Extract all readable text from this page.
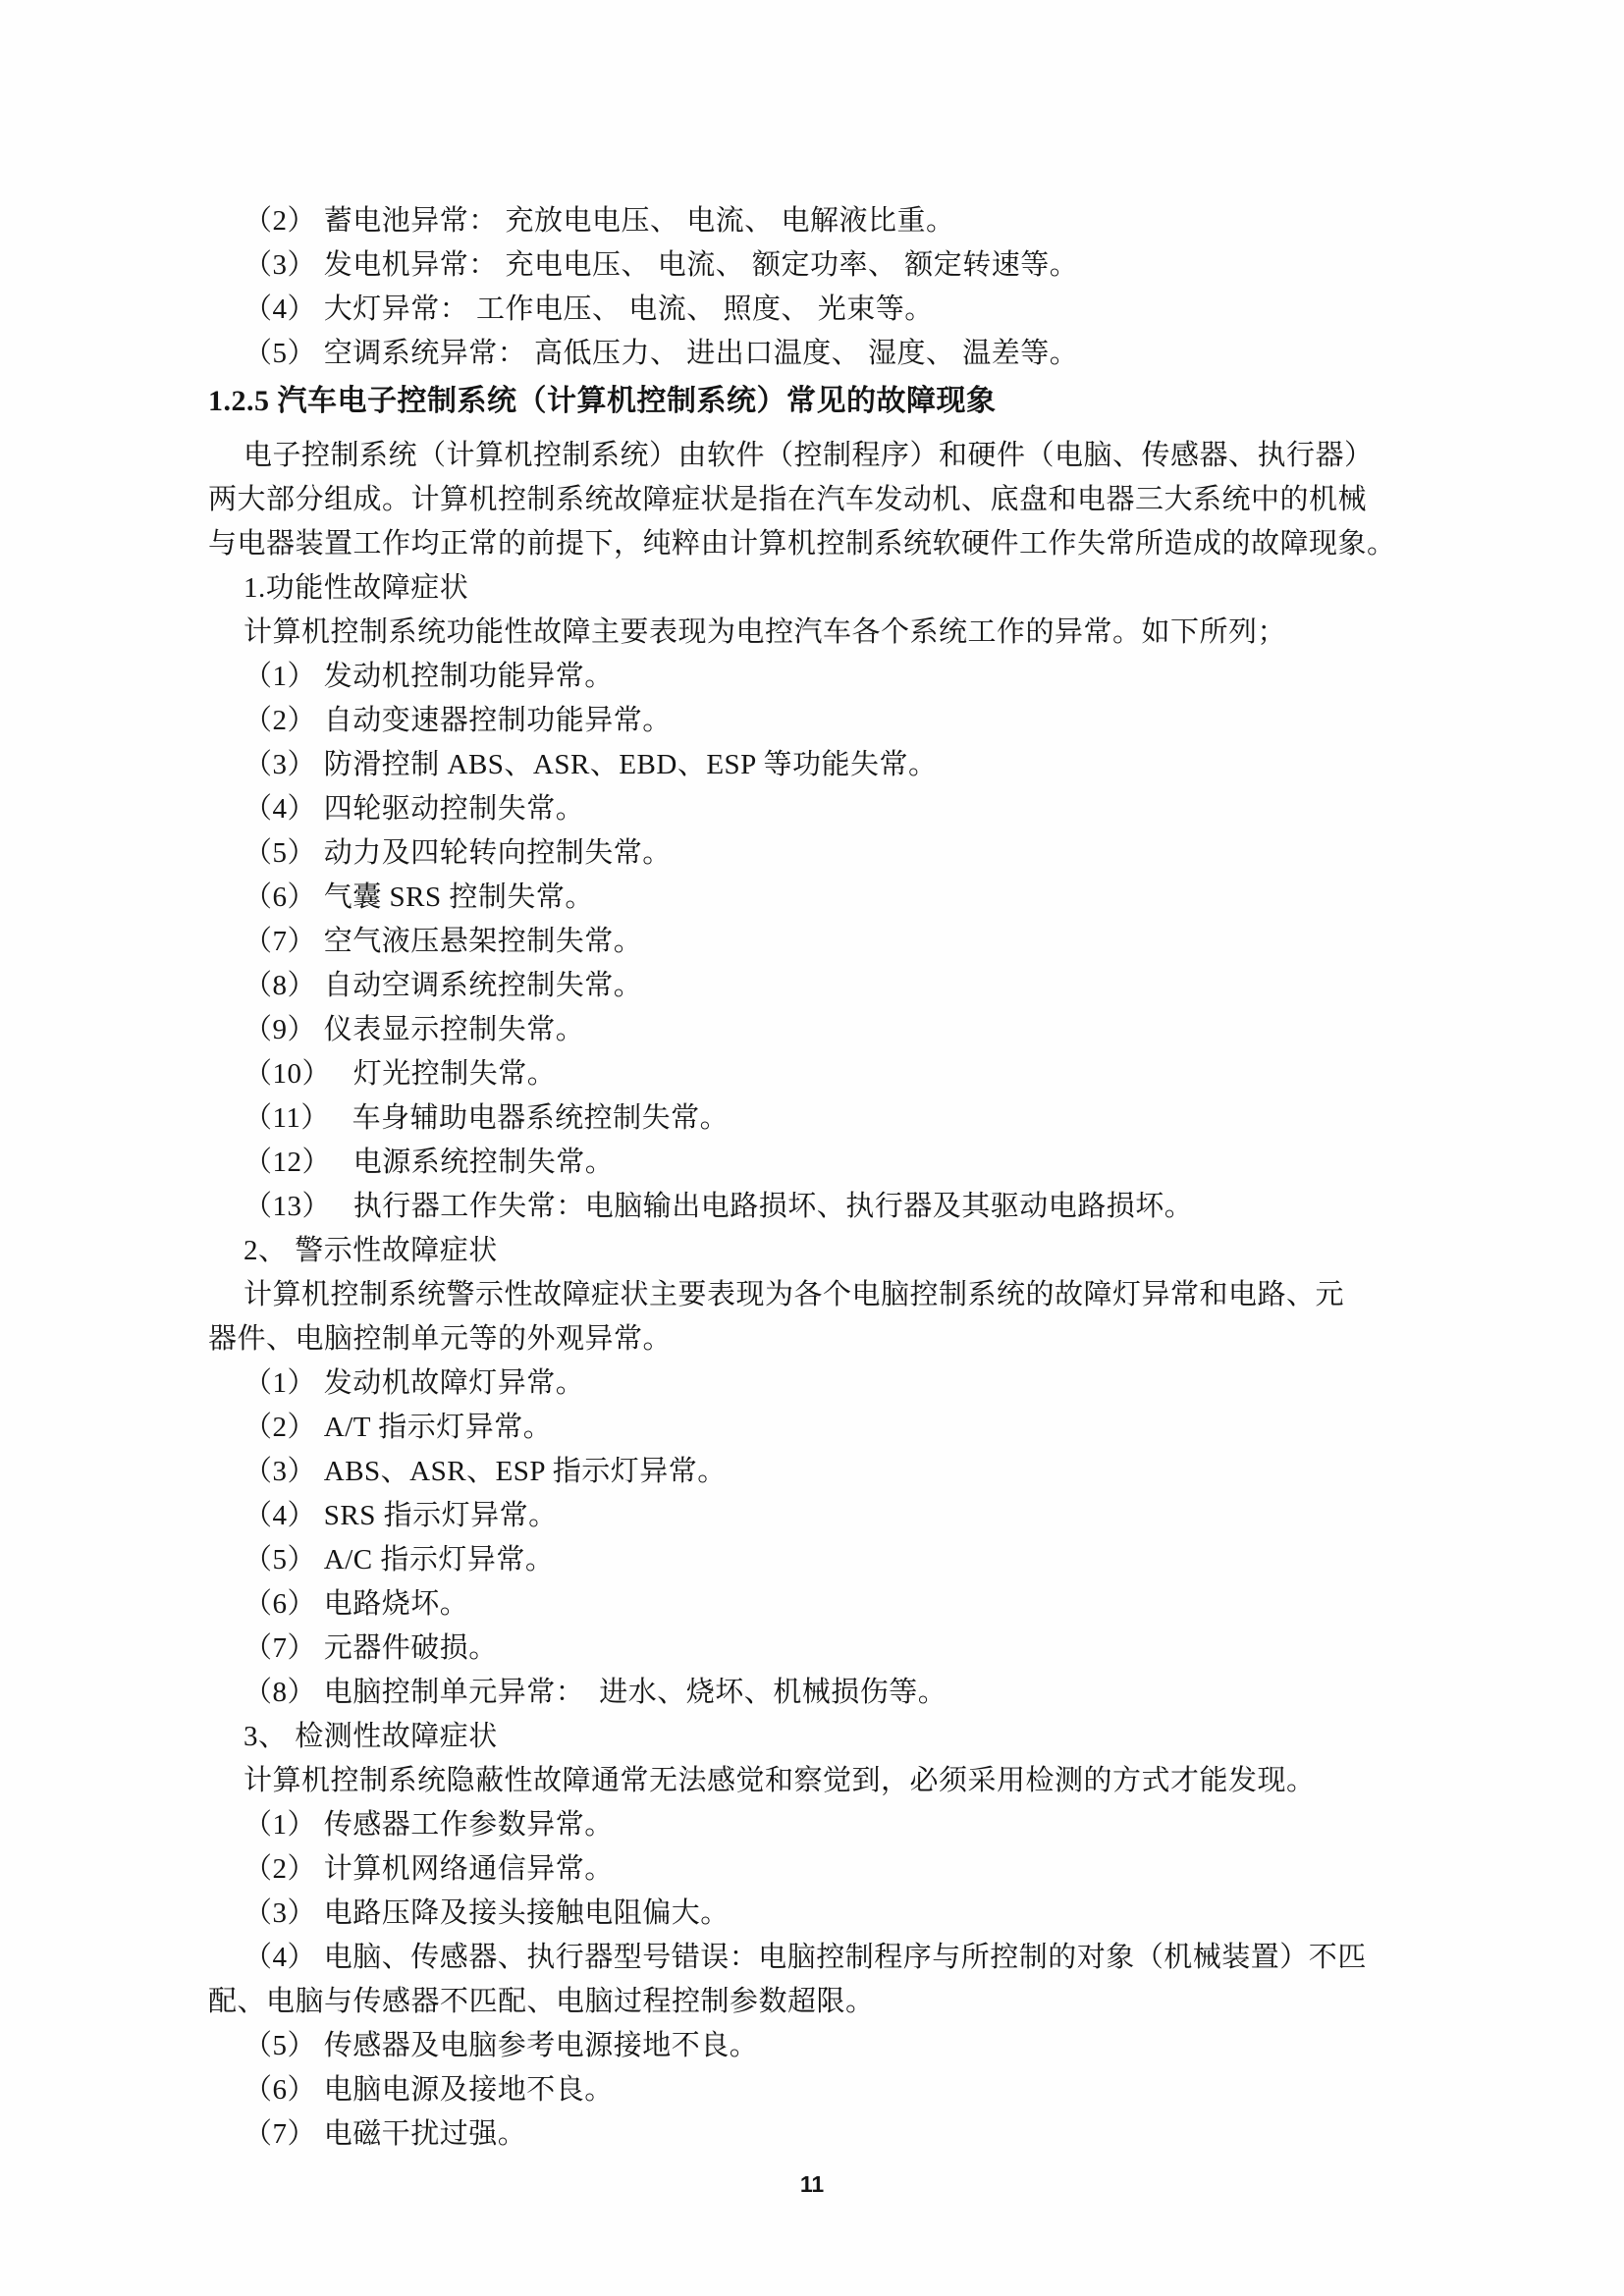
（2） 蓄电池异常： 充放电电压、 电流、 电解液比重。
（3） 发电机异常： 充电电压、 电流、 额定功率、 额定转速等。
（4） 大灯异常： 工作电压、 电流、 照度、 光束等。
（5） 空调系统异常： 高低压力、 进出口温度、 湿度、 温差等。
1.2.5 汽车电子控制系统（计算机控制系统）常见的故障现象
电子控制系统（计算机控制系统）由软件（控制程序）和硬件（电脑、传感器、执行器）
两大部分组成。计算机控制系统故障症状是指在汽车发动机、底盘和电器三大系统中的机械
与电器装置工作均正常的前提下，纯粹由计算机控制系统软硬件工作失常所造成的故障现象。
1.功能性故障症状
计算机控制系统功能性故障主要表现为电控汽车各个系统工作的异常。如下所列；
（1） 发动机控制功能异常。
（2） 自动变速器控制功能异常。
（3） 防滑控制 ABS、ASR、EBD、ESP 等功能失常。
（4） 四轮驱动控制失常。
（5） 动力及四轮转向控制失常。
（6） 气囊 SRS 控制失常。
（7） 空气液压悬架控制失常。
（8） 自动空调系统控制失常。
（9） 仪表显示控制失常。
（10）　 灯光控制失常。
（11）　 车身辅助电器系统控制失常。
（12）　 电源系统控制失常。
（13）　 执行器工作失常：电脑输出电路损坏、执行器及其驱动电路损坏。
2、 警示性故障症状
计算机控制系统警示性故障症状主要表现为各个电脑控制系统的故障灯异常和电路、元
器件、电脑控制单元等的外观异常。
（1） 发动机故障灯异常。
（2） A/T 指示灯异常。
（3） ABS、ASR、ESP 指示灯异常。
（4） SRS 指示灯异常。
（5） A/C 指示灯异常。
（6） 电路烧坏。
（7） 元器件破损。
（8） 电脑控制单元异常：　进水、烧坏、机械损伤等。
3、 检测性故障症状
计算机控制系统隐蔽性故障通常无法感觉和察觉到，必须采用检测的方式才能发现。
（1） 传感器工作参数异常。
（2） 计算机网络通信异常。
（3） 电路压降及接头接触电阻偏大。
（4） 电脑、传感器、执行器型号错误：电脑控制程序与所控制的对象（机械装置）不匹
配、电脑与传感器不匹配、电脑过程控制参数超限。
（5） 传感器及电脑参考电源接地不良。
（6） 电脑电源及接地不良。
（7） 电磁干扰过强。
11
